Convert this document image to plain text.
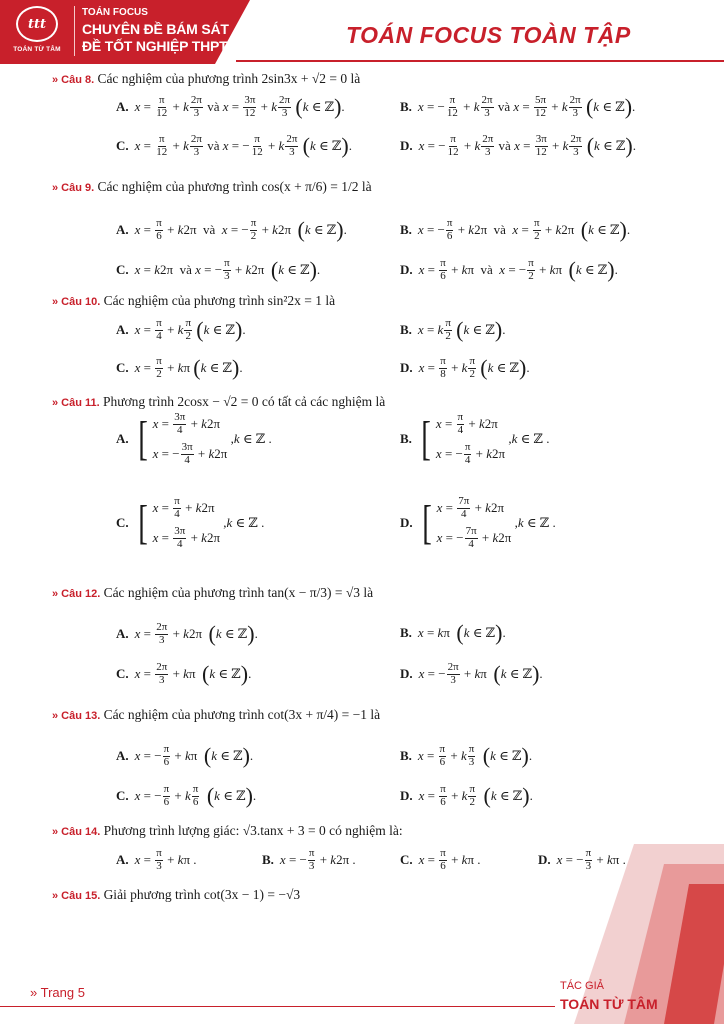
ttt
TOÁN TỪ TÂM
TOÁN FOCUS
CHUYÊN ĐỀ BÁM SÁT
ĐỀ TỐT NGHIỆP THPT	TOÁN FOCUS TOÀN TẬP
» Câu 8. Các nghiệm của phương trình 2sin3x + √2 = 0 là
A. $x = \frac{\pi}{12} + k \frac{2\pi}{3}$ và $x = \frac{3\pi}{12} + k \frac{2\pi}{3}$
( k ∈ ℤ ) .	B. x = − $\frac{\pi}{12} + k \frac{2\pi}{3}$ và $x = \frac{5\pi}{12} + k \frac{2\pi}{3}$
( k ∈ ℤ ) .
C. $x = \frac{\pi}{12} + k \frac{2\pi}{3}$ và x = − $\frac{\pi}{12} + k \frac{2\pi}{3}$
( k ∈ ℤ ) .	D. x = − $\frac{\pi}{12} + k \frac{2\pi}{3}$ và $x = \frac{3\pi}{12} + k \frac{2\pi}{3}$
( k ∈ ℤ ) .
» Câu 9. Các nghiệm của phương trình cos(x + π/6) = 1/2 là
A. $x = \frac{\pi}{6} + k$ 2π  và x = − $\frac{\pi}{2} + k$ 2π ( k ∈ ℤ ) .	B. x = − $\frac{\pi}{6} + k$ 2π  và $x = \frac{\pi}{2} + k$ 2π ( k ∈ ℤ ) .
C. x = k 2π  và x = − $\frac{\pi}{3} + k$ 2π ( k ∈ ℤ ) .	D. $x = \frac{\pi}{6} + k$ π  và x = − $\frac{\pi}{2} + k$ π ( k ∈ ℤ ) .
» Câu 10. Các nghiệm của phương trình sin²2x = 1 là
A. $x = \frac{\pi}{4} + k \frac{\pi}{2}$
( k ∈ ℤ ) .	B. x = k $\frac{\pi}{2}$
( k ∈ ℤ ) .
C. $x = \frac{\pi}{2} + k$ π ( k ∈ ℤ ) .	D. $x = \frac{\pi}{8} + k \frac{\pi}{2}$
( k ∈ ℤ ) .
» Câu 11. Phương trình 2cosx − √2 = 0 có tất cả các nghiệm là
A. [ $x = \frac{3\pi}{4} + k$ 2π
x = − $\frac{3\pi}{4} + k$ 2π
, k ∈ ℤ .	B. [ $x = \frac{\pi}{4} + k$ 2π
x = − $\frac{\pi}{4} + k$ 2π
, k ∈ ℤ .
C. [ $x = \frac{\pi}{4} + k$ 2π
$x = \frac{3\pi}{4} + k$ 2π
, k ∈ ℤ .	D. [ $x = \frac{7\pi}{4} + k$ 2π
x = − $\frac{7\pi}{4} + k$ 2π
, k ∈ ℤ .
» Câu 12. Các nghiệm của phương trình tan(x − π/3) = √3 là
A. $x = \frac{2\pi}{3} + k$ 2π ( k ∈ ℤ ) .	B. x = k π ( k ∈ ℤ ) .
C. $x = \frac{2\pi}{3} + k$ π ( k ∈ ℤ ) .	D. x = − $\frac{2\pi}{3} + k$ π ( k ∈ ℤ ) .
» Câu 13. Các nghiệm của phương trình cot(3x + π/4) = −1 là
A. x = − $\frac{\pi}{6} + k$ π ( k ∈ ℤ ) .	B. $x = \frac{\pi}{6} + k \frac{\pi}{3}$
( k ∈ ℤ ) .
C. x = − $\frac{\pi}{6} + k \frac{\pi}{6}$
( k ∈ ℤ ) .	D. $x = \frac{\pi}{6} + k \frac{\pi}{2}$
( k ∈ ℤ ) .
» Câu 14. Phương trình lượng giác: √3.tanx + 3 = 0 có nghiệm là:
A. $x = \frac{\pi}{3} + k$ π .	B. x = − $\frac{\pi}{3} + k$ 2π .	C. $x = \frac{\pi}{6} + k$ π .	D. x = − $\frac{\pi}{3} + k$ π .
» Câu 15. Giải phương trình cot(3x − 1) = −√3
» Trang 5	TÁC GIẢ
TOÁN TỪ TÂM
